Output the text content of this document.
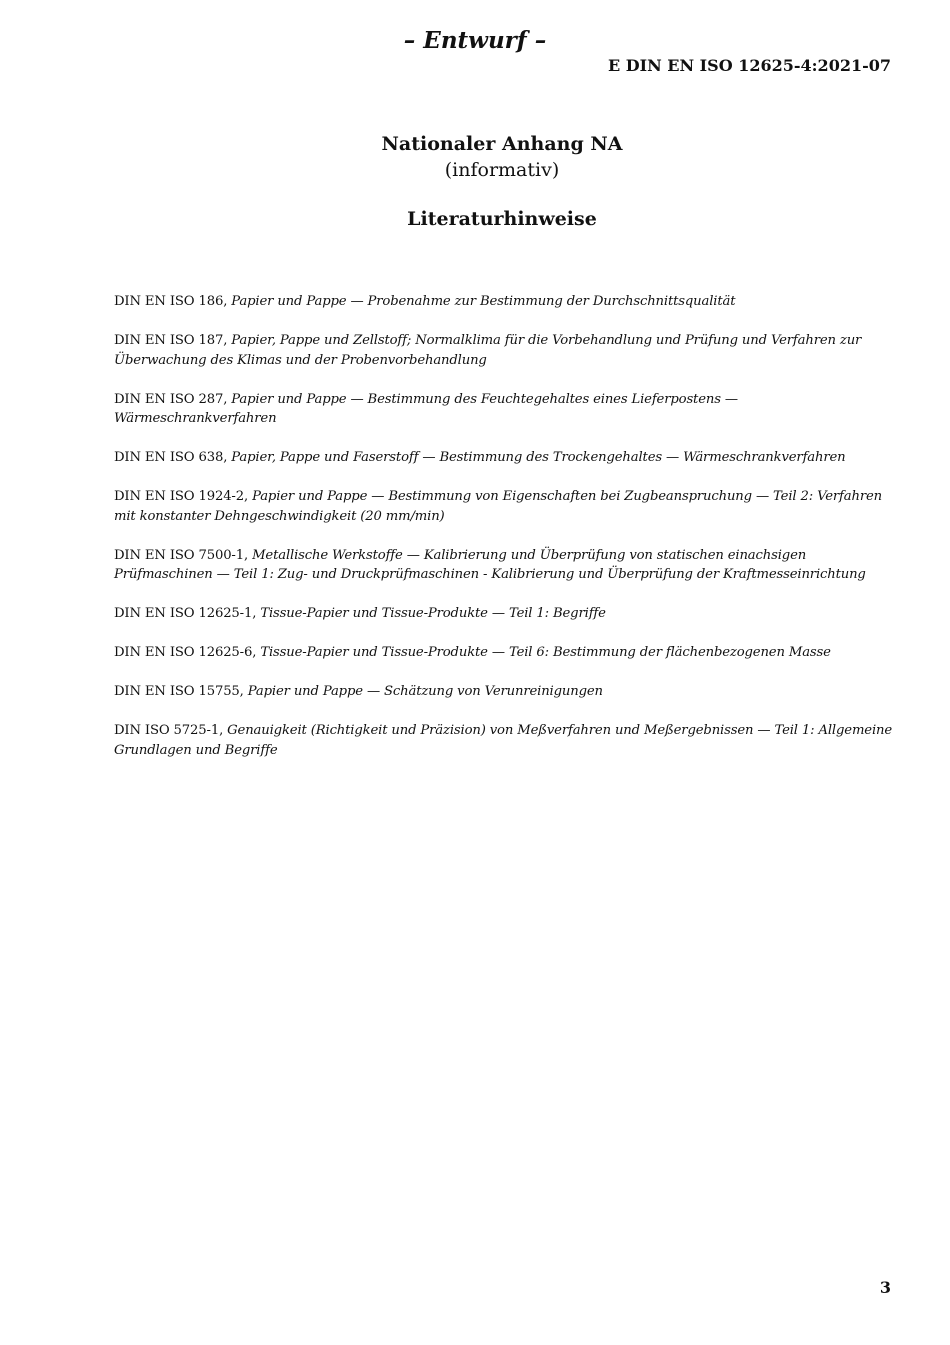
– Entwurf –
E DIN EN ISO 12625-4:2021-07
Nationaler Anhang NA
(informativ)
Literaturhinweise
DIN EN ISO 186, Papier und Pappe — Probenahme zur Bestimmung der Durchschnittsqualität
DIN EN ISO 187, Papier, Pappe und Zellstoff; Normalklima für die Vorbehandlung und Prüfung und Verfahren zur Überwachung des Klimas und der Probenvorbehandlung
DIN EN ISO 287, Papier und Pappe — Bestimmung des Feuchtegehaltes eines Lieferpostens — Wärmeschrankverfahren
DIN EN ISO 638, Papier, Pappe und Faserstoff — Bestimmung des Trockengehaltes — Wärmeschrankverfahren
DIN EN ISO 1924-2, Papier und Pappe — Bestimmung von Eigenschaften bei Zugbeanspruchung — Teil 2: Verfahren mit konstanter Dehngeschwindigkeit (20 mm/min)
DIN EN ISO 7500-1, Metallische Werkstoffe — Kalibrierung und Überprüfung von statischen einachsigen Prüfmaschinen — Teil 1: Zug- und Druckprüfmaschinen - Kalibrierung und Überprüfung der Kraftmesseinrichtung
DIN EN ISO 12625-1, Tissue-Papier und Tissue-Produkte — Teil 1: Begriffe
DIN EN ISO 12625-6, Tissue-Papier und Tissue-Produkte — Teil 6: Bestimmung der flächenbezogenen Masse
DIN EN ISO 15755, Papier und Pappe — Schätzung von Verunreinigungen
DIN ISO 5725-1, Genauigkeit (Richtigkeit und Präzision) von Meßverfahren und Meßergebnissen — Teil 1: Allgemeine Grundlagen und Begriffe
3
